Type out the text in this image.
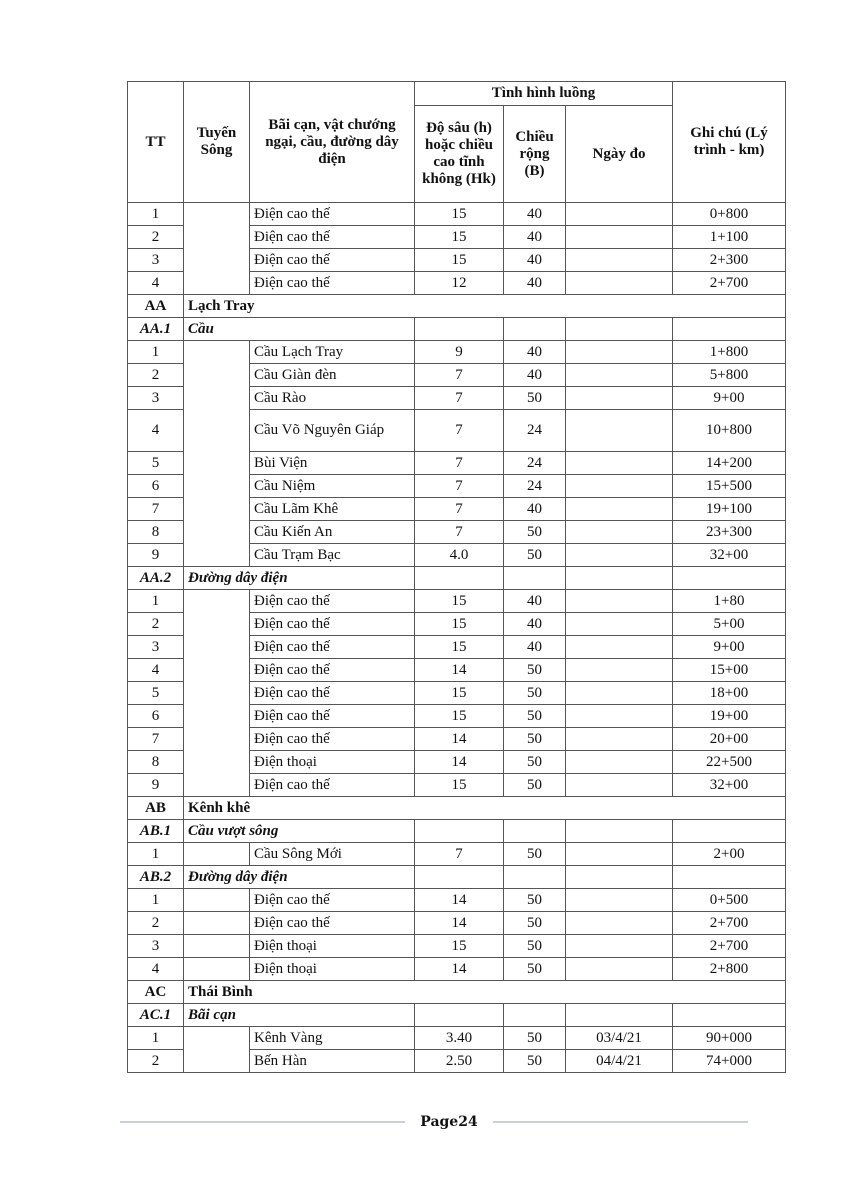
TT	Tuyến Sông	Bãi cạn, vật chướng ngại, cầu, đường dây điện	Tình hình luồng			Ghi chú (Lý trình - km)
			Độ sâu (h) hoặc chiều cao tĩnh không (Hk)	Chiều rộng (B)	Ngày đo	
1		Điện cao thế	15	40		0+800
2		Điện cao thế	15	40		1+100
3		Điện cao thế	15	40		2+300
4		Điện cao thế	12	40		2+700
AA	Lạch Tray					
AA.1	Cầu					
1		Cầu Lạch Tray	9	40		1+800
2		Cầu Giàn đèn	7	40		5+800
3		Cầu Rào	7	50		9+00
4		Cầu Võ Nguyên Giáp	7	24		10+800
5		Bùi Viện	7	24		14+200
6		Cầu Niệm	7	24		15+500
7		Cầu Lãm Khê	7	40		19+100
8		Cầu Kiến An	7	50		23+300
9		Cầu Trạm Bạc	4.0	50		32+00
AA.2	Đường dây điện					
1		Điện cao thế	15	40		1+80
2		Điện cao thế	15	40		5+00
3		Điện cao thế	15	40		9+00
4		Điện cao thế	14	50		15+00
5		Điện cao thế	15	50		18+00
6		Điện cao thế	15	50		19+00
7		Điện cao thế	14	50		20+00
8		Điện thoại	14	50		22+500
9		Điện cao thế	15	50		32+00
AB	Kênh khê					
AB.1	Cầu vượt sông					
1		Cầu Sông Mới	7	50		2+00
AB.2	Đường dây điện					
1		Điện cao thế	14	50		0+500
2		Điện cao thế	14	50		2+700
3		Điện thoại	15	50		2+700
4		Điện thoại	14	50		2+800
AC	Thái Bình					
AC.1	Bãi cạn					
1		Kênh Vàng	3.40	50	03/4/21	90+000
2		Bến Hàn	2.50	50	04/4/21	74+000
Page24
